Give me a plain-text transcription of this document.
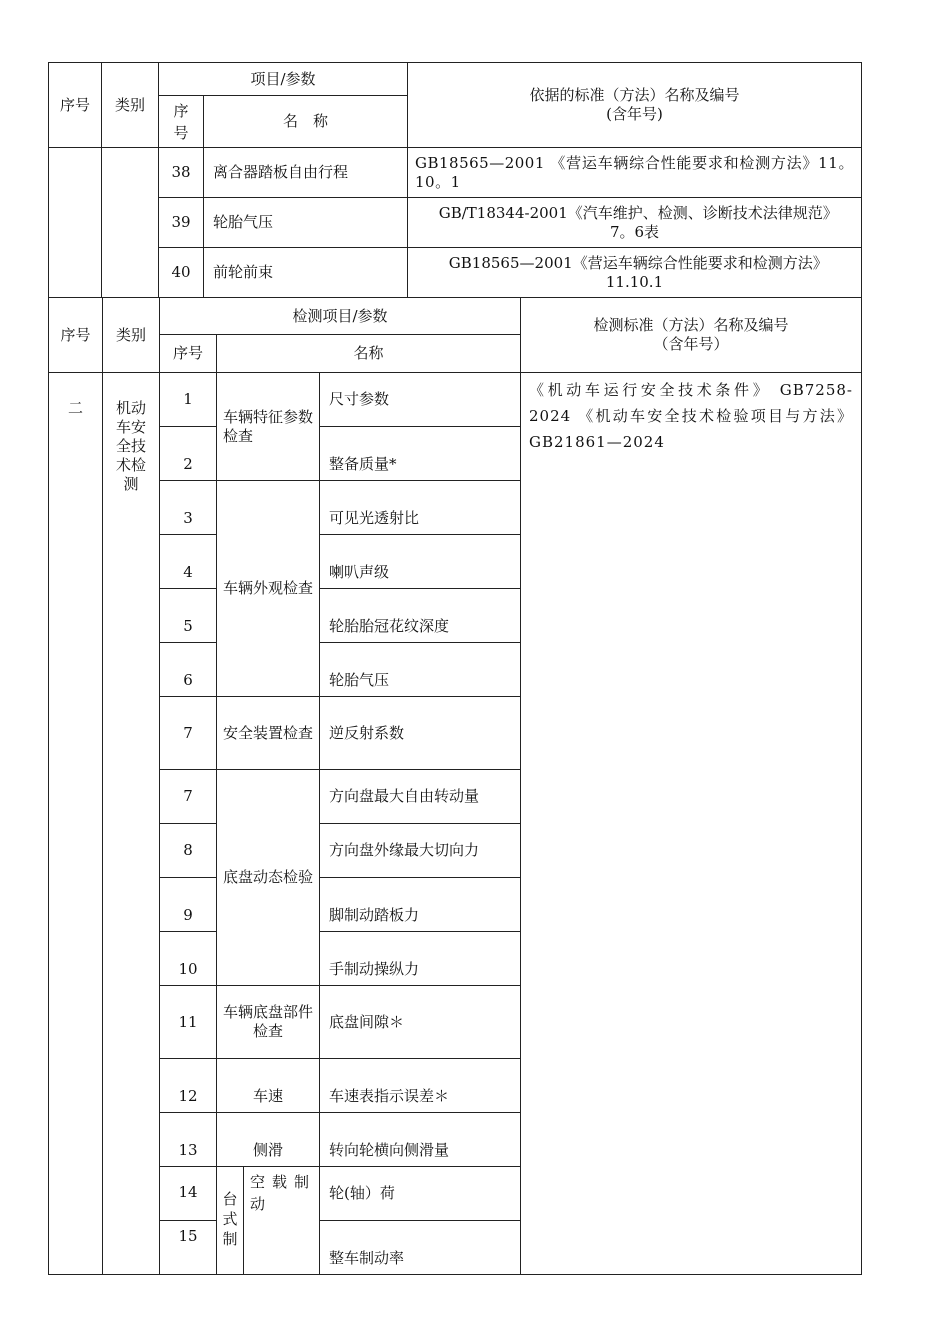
序号	类别	项目/参数		依据的标准（方法）名称及编号
(含年号)

		序号	名　称	
		38	离合器踏板自由行程	GB18565—2001 《营运车辆综合性能要求和检测方法》11。10。1
		39	轮胎气压	GB/T18344-2001《汽车维护、检测、诊断技术法律规范》7。6表
		40	前轮前束	GB18565—2001《营运车辆综合性能要求和检测方法》11.10.1
序号	类别	检测项目/参数				检测标准（方法）名称及编号（含年号）

		序号	名称			
二	机动车安全技术检测	1	车辆特征参数检查		尺寸参数	《机动车运行安全技术条件》 GB7258-2024 《机动车安全技术检验项目与方法》GB21861—2024

		2			整备质量*	
		3	车辆外观检查		可见光透射比	
		4			喇叭声级	
		5			轮胎胎冠花纹深度	
		6			轮胎气压	
		7	安全装置检查		逆反射系数	
		7	底盘动态检验		方向盘最大自由转动量	
		8			方向盘外缘最大切向力	
		9			脚制动踏板力	
		10			手制动操纵力	
		11	车辆底盘部件检查		底盘间隙＊	
		12	车速		车速表指示误差＊	
		13	侧滑		转向轮横向侧滑量	
		14	台式制	空载制动	轮(轴）荷	
		15			整车制动率	
